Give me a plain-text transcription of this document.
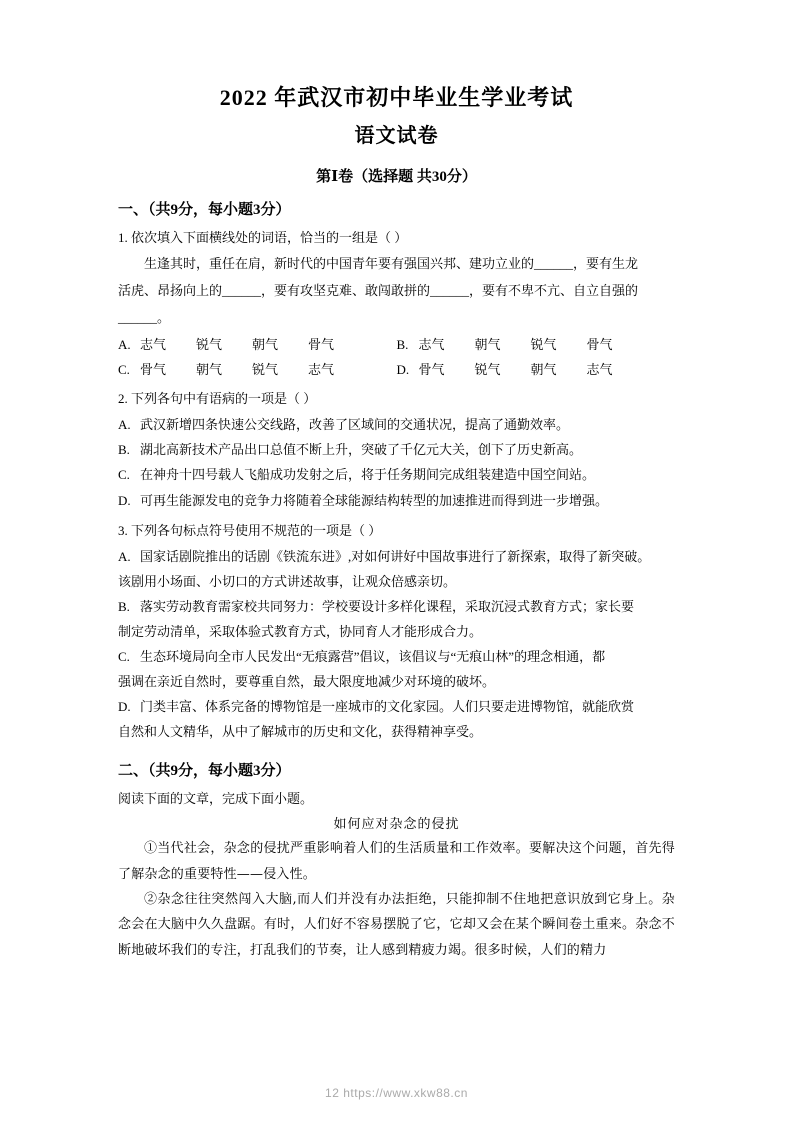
2022 年武汉市初中毕业生学业考试
语文试卷
第Ⅰ卷（选择题 共30分）
一、（共9分，每小题3分）
1. 依次填入下面横线处的词语，恰当的一组是（ ）
生逢其时，重任在肩，新时代的中国青年要有强国兴邦、建功立业的______，要有生龙
活虎、昂扬向上的______，要有攻坚克难、敢闯敢拼的______，要有不卑不亢、自立自强的
______。
A. 志气	锐气	朝气	骨气	B. 志气	朝气	锐气	骨气
C. 骨气	朝气	锐气	志气	D. 骨气	锐气	朝气	志气
2. 下列各句中有语病的一项是（ ）
A. 武汉新增四条快速公交线路，改善了区域间的交通状况，提高了通勤效率。
B. 湖北高新技术产品出口总值不断上升，突破了千亿元大关，创下了历史新高。
C. 在神舟十四号载人飞船成功发射之后，将于任务期间完成组装建造中国空间站。
D. 可再生能源发电的竞争力将随着全球能源结构转型的加速推进而得到进一步增强。
3. 下列各句标点符号使用不规范的一项是（ ）
A. 国家话剧院推出的话剧《铁流东进》,对如何讲好中国故事进行了新探索，取得了新突破。
该剧用小场面、小切口的方式讲述故事，让观众倍感亲切。
B. 落实劳动教育需家校共同努力：学校要设计多样化课程，采取沉浸式教育方式；家长要
制定劳动清单，采取体验式教育方式，协同育人才能形成合力。
C. 生态环境局向全市人民发出“无痕露营”倡议，该倡议与“无痕山林”的理念相通，都
强调在亲近自然时，要尊重自然，最大限度地减少对环境的破坏。
D. 门类丰富、体系完备的博物馆是一座城市的文化家园。人们只要走进博物馆，就能欣赏
自然和人文精华，从中了解城市的历史和文化，获得精神享受。
二、（共9分，每小题3分）
阅读下面的文章，完成下面小题。
如何应对杂念的侵扰
①当代社会，杂念的侵扰严重影响着人们的生活质量和工作效率。要解决这个问题，首先得了解杂念的重要特性——侵入性。
②杂念往往突然闯入大脑,而人们并没有办法拒绝，只能抑制不住地把意识放到它身上。杂念会在大脑中久久盘踞。有时，人们好不容易摆脱了它，它却又会在某个瞬间卷土重来。杂念不断地破坏我们的专注，打乱我们的节奏，让人感到精疲力竭。很多时候，人们的精力
12 https://www.xkw88.cn
